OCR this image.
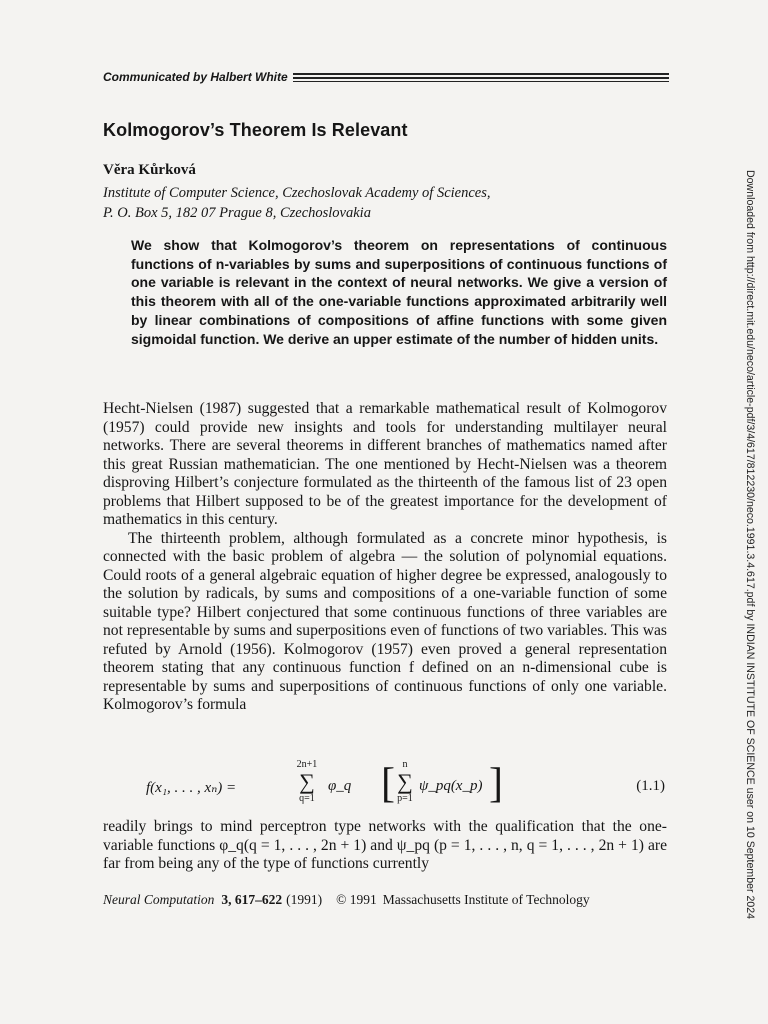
Communicated by Halbert White
Kolmogorov’s Theorem Is Relevant
Věra Kůrková
Institute of Computer Science, Czechoslovak Academy of Sciences,
P. O. Box 5, 182 07 Prague 8, Czechoslovakia
We show that Kolmogorov’s theorem on representations of continuous functions of n-variables by sums and superpositions of continuous functions of one variable is relevant in the context of neural networks. We give a version of this theorem with all of the one-variable functions approximated arbitrarily well by linear combinations of compositions of affine functions with some given sigmoidal function. We derive an upper estimate of the number of hidden units.

Hecht-Nielsen (1987) suggested that a remarkable mathematical result of Kolmogorov (1957) could provide new insights and tools for understanding multilayer neural networks. There are several theorems in different branches of mathematics named after this great Russian mathematician. The one mentioned by Hecht-Nielsen was a theorem disproving Hilbert’s conjecture formulated as the thirteenth of the famous list of 23 open problems that Hilbert supposed to be of the greatest importance for the development of mathematics in this century.

The thirteenth problem, although formulated as a concrete minor hypothesis, is connected with the basic problem of algebra — the solution of polynomial equations. Could roots of a general algebraic equation of higher degree be expressed, analogously to the solution by radicals, by sums and compositions of a one-variable function of some suitable type? Hilbert conjectured that some continuous functions of three variables are not representable by sums and superpositions even of functions of two variables. This was refuted by Arnold (1956). Kolmogorov (1957) even proved a general representation theorem stating that any continuous function f defined on an n-dimensional cube is representable by sums and superpositions of continuous functions of only one variable. Kolmogorov’s formula

f(x₁, . . . , xₙ) =
2n+1
∑
q=1
φ_q [ n
∑
p=1
ψ_pq(x_p) ]	(1.1)

readily brings to mind perceptron type networks with the qualification that the one-variable functions φ_q(q = 1, . . . , 2n + 1) and ψ_pq (p = 1, . . . , n, q = 1, . . . , 2n + 1) are far from being any of the type of functions currently

Neural Computation 3, 617–622 (1991) © 1991 Massachusetts Institute of Technology	Downloaded from http://direct.mit.edu/neco/article-pdf/3/4/617/812230/neco.1991.3.4.617.pdf by INDIAN INSTITUTE OF SCIENCE user on 10 September 2024
